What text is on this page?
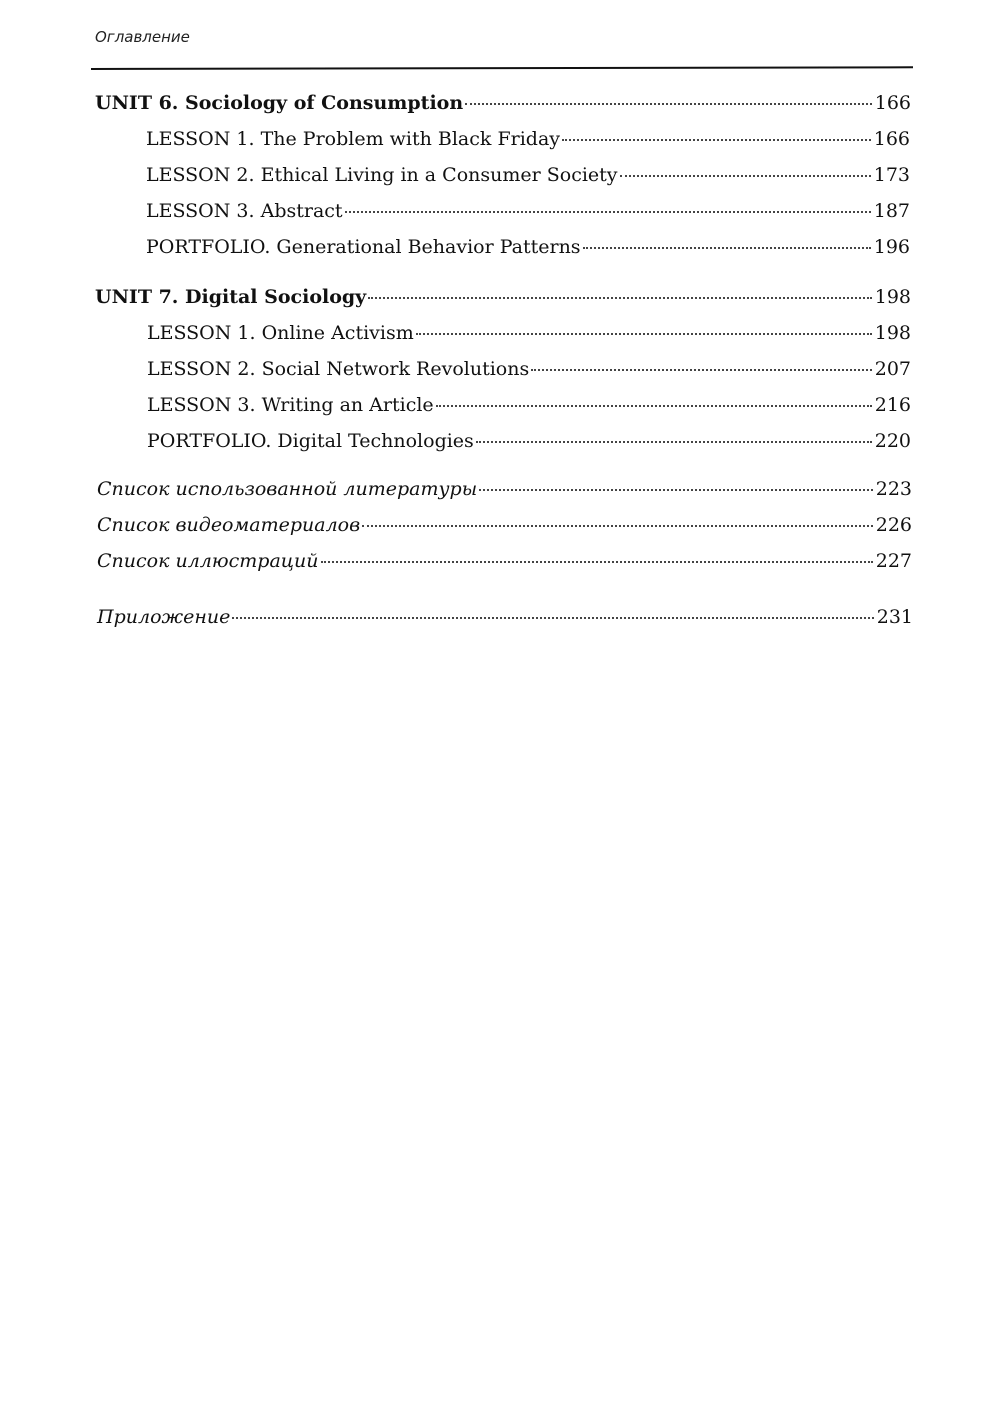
Оглавление
UNIT 6. Sociology of Consumption	166
LESSON 1. The Problem with Black Friday	166
LESSON 2. Ethical Living in a Consumer Society	173
LESSON 3. Abstract	187
PORTFOLIO. Generational Behavior Patterns	196
UNIT 7. Digital Sociology	198
LESSON 1. Online Activism	198
LESSON 2. Social Network Revolutions	207
LESSON 3. Writing an Article	216
PORTFOLIO. Digital Technologies	220
Список использованной литературы	223
Список видеоматериалов	226
Список иллюстраций	227
Приложение	231
